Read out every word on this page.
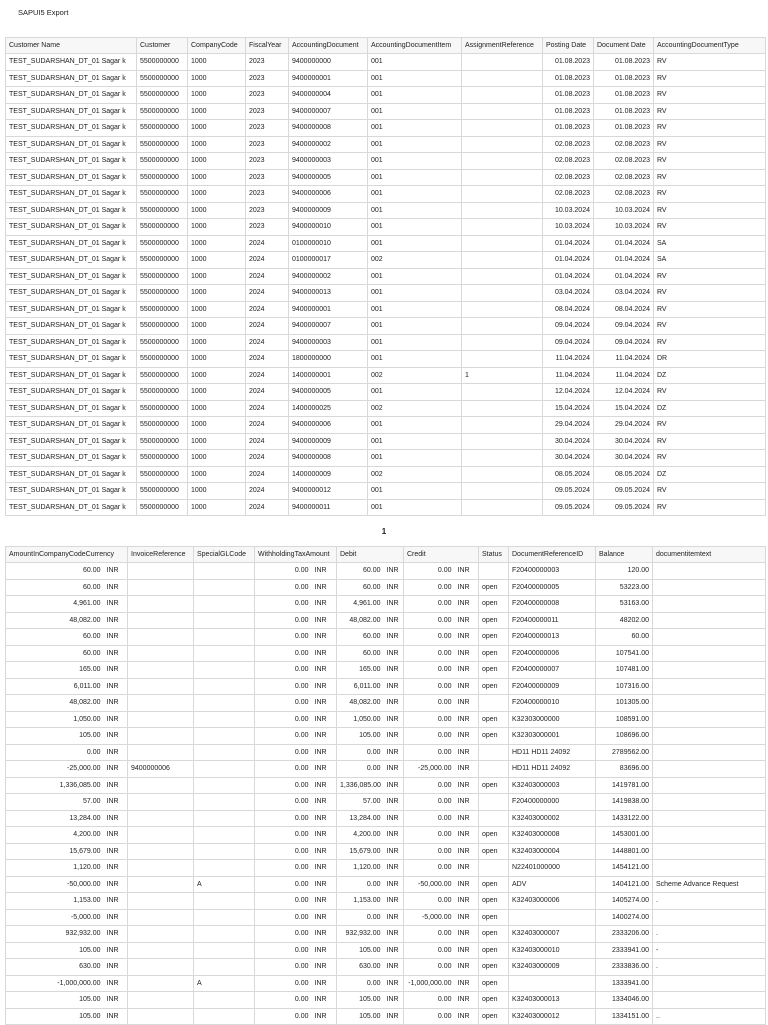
SAPUI5 Export
Customer Name	Customer	CompanyCode	FiscalYear	AccountingDocument	AccountingDocumentItem	AssignmentReference	Posting Date	Document Date	AccountingDocumentType
TEST_SUDARSHAN_DT_01 Sagar k	5500000000	1000	2023	9400000000	001		01.08.2023	01.08.2023	RV
TEST_SUDARSHAN_DT_01 Sagar k	5500000000	1000	2023	9400000001	001		01.08.2023	01.08.2023	RV
TEST_SUDARSHAN_DT_01 Sagar k	5500000000	1000	2023	9400000004	001		01.08.2023	01.08.2023	RV
TEST_SUDARSHAN_DT_01 Sagar k	5500000000	1000	2023	9400000007	001		01.08.2023	01.08.2023	RV
TEST_SUDARSHAN_DT_01 Sagar k	5500000000	1000	2023	9400000008	001		01.08.2023	01.08.2023	RV
TEST_SUDARSHAN_DT_01 Sagar k	5500000000	1000	2023	9400000002	001		02.08.2023	02.08.2023	RV
TEST_SUDARSHAN_DT_01 Sagar k	5500000000	1000	2023	9400000003	001		02.08.2023	02.08.2023	RV
TEST_SUDARSHAN_DT_01 Sagar k	5500000000	1000	2023	9400000005	001		02.08.2023	02.08.2023	RV
TEST_SUDARSHAN_DT_01 Sagar k	5500000000	1000	2023	9400000006	001		02.08.2023	02.08.2023	RV
TEST_SUDARSHAN_DT_01 Sagar k	5500000000	1000	2023	9400000009	001		10.03.2024	10.03.2024	RV
TEST_SUDARSHAN_DT_01 Sagar k	5500000000	1000	2023	9400000010	001		10.03.2024	10.03.2024	RV
TEST_SUDARSHAN_DT_01 Sagar k	5500000000	1000	2024	0100000010	001		01.04.2024	01.04.2024	SA
TEST_SUDARSHAN_DT_01 Sagar k	5500000000	1000	2024	0100000017	002		01.04.2024	01.04.2024	SA
TEST_SUDARSHAN_DT_01 Sagar k	5500000000	1000	2024	9400000002	001		01.04.2024	01.04.2024	RV
TEST_SUDARSHAN_DT_01 Sagar k	5500000000	1000	2024	9400000013	001		03.04.2024	03.04.2024	RV
TEST_SUDARSHAN_DT_01 Sagar k	5500000000	1000	2024	9400000001	001		08.04.2024	08.04.2024	RV
TEST_SUDARSHAN_DT_01 Sagar k	5500000000	1000	2024	9400000007	001		09.04.2024	09.04.2024	RV
TEST_SUDARSHAN_DT_01 Sagar k	5500000000	1000	2024	9400000003	001		09.04.2024	09.04.2024	RV
TEST_SUDARSHAN_DT_01 Sagar k	5500000000	1000	2024	1800000000	001		11.04.2024	11.04.2024	DR
TEST_SUDARSHAN_DT_01 Sagar k	5500000000	1000	2024	1400000001	002	1	11.04.2024	11.04.2024	DZ
TEST_SUDARSHAN_DT_01 Sagar k	5500000000	1000	2024	9400000005	001		12.04.2024	12.04.2024	RV
TEST_SUDARSHAN_DT_01 Sagar k	5500000000	1000	2024	1400000025	002		15.04.2024	15.04.2024	DZ
TEST_SUDARSHAN_DT_01 Sagar k	5500000000	1000	2024	9400000006	001		29.04.2024	29.04.2024	RV
TEST_SUDARSHAN_DT_01 Sagar k	5500000000	1000	2024	9400000009	001		30.04.2024	30.04.2024	RV
TEST_SUDARSHAN_DT_01 Sagar k	5500000000	1000	2024	9400000008	001		30.04.2024	30.04.2024	RV
TEST_SUDARSHAN_DT_01 Sagar k	5500000000	1000	2024	1400000009	002		08.05.2024	08.05.2024	DZ
TEST_SUDARSHAN_DT_01 Sagar k	5500000000	1000	2024	9400000012	001		09.05.2024	09.05.2024	RV
TEST_SUDARSHAN_DT_01 Sagar k	5500000000	1000	2024	9400000011	001		09.05.2024	09.05.2024	RV
1
AmountInCompanyCodeCurrency		InvoiceReference	SpecialGLCode	WithholdingTaxAmount		Debit		Credit		Status	DocumentReferenceID	Balance	documentitemtext
60.00	INR			0.00	INR	60.00	INR	0.00	INR		F20400000003	120.00	
60.00	INR			0.00	INR	60.00	INR	0.00	INR	open	F20400000005	53223.00	
4,961.00	INR			0.00	INR	4,961.00	INR	0.00	INR	open	F20400000008	53163.00	
48,082.00	INR			0.00	INR	48,082.00	INR	0.00	INR	open	F20400000011	48202.00	
60.00	INR			0.00	INR	60.00	INR	0.00	INR	open	F20400000013	60.00	
60.00	INR			0.00	INR	60.00	INR	0.00	INR	open	F20400000006	107541.00	
165.00	INR			0.00	INR	165.00	INR	0.00	INR	open	F20400000007	107481.00	
6,011.00	INR			0.00	INR	6,011.00	INR	0.00	INR	open	F20400000009	107316.00	
48,082.00	INR			0.00	INR	48,082.00	INR	0.00	INR		F20400000010	101305.00	
1,050.00	INR			0.00	INR	1,050.00	INR	0.00	INR	open	K32303000000	108591.00	
105.00	INR			0.00	INR	105.00	INR	0.00	INR	open	K32303000001	108696.00	
0.00	INR			0.00	INR	0.00	INR	0.00	INR		HD11 HD11 24092	2789562.00	
-25,000.00	INR	9400000006		0.00	INR	0.00	INR	-25,000.00	INR		HD11 HD11 24092	83696.00	
1,336,085.00	INR			0.00	INR	1,336,085.00	INR	0.00	INR	open	K32403000003	1419781.00	
57.00	INR			0.00	INR	57.00	INR	0.00	INR		F20400000000	1419838.00	
13,284.00	INR			0.00	INR	13,284.00	INR	0.00	INR		K32403000002	1433122.00	
4,200.00	INR			0.00	INR	4,200.00	INR	0.00	INR	open	K32403000008	1453001.00	
15,679.00	INR			0.00	INR	15,679.00	INR	0.00	INR	open	K32403000004	1448801.00	
1,120.00	INR			0.00	INR	1,120.00	INR	0.00	INR		N22401000000	1454121.00	
-50,000.00	INR		A	0.00	INR	0.00	INR	-50,000.00	INR	open	ADV	1404121.00	Scheme Advance Request
1,153.00	INR			0.00	INR	1,153.00	INR	0.00	INR	open	K32403000006	1405274.00	.
-5,000.00	INR			0.00	INR	0.00	INR	-5,000.00	INR	open		1400274.00	
932,932.00	INR			0.00	INR	932,932.00	INR	0.00	INR	open	K32403000007	2333206.00	.
105.00	INR			0.00	INR	105.00	INR	0.00	INR	open	K32403000010	2333941.00	-
630.00	INR			0.00	INR	630.00	INR	0.00	INR	open	K32403000009	2333836.00	.
-1,000,000.00	INR		A	0.00	INR	0.00	INR	-1,000,000.00	INR	open		1333941.00	
105.00	INR			0.00	INR	105.00	INR	0.00	INR	open	K32403000013	1334046.00	
105.00	INR			0.00	INR	105.00	INR	0.00	INR	open	K32403000012	1334151.00	..
